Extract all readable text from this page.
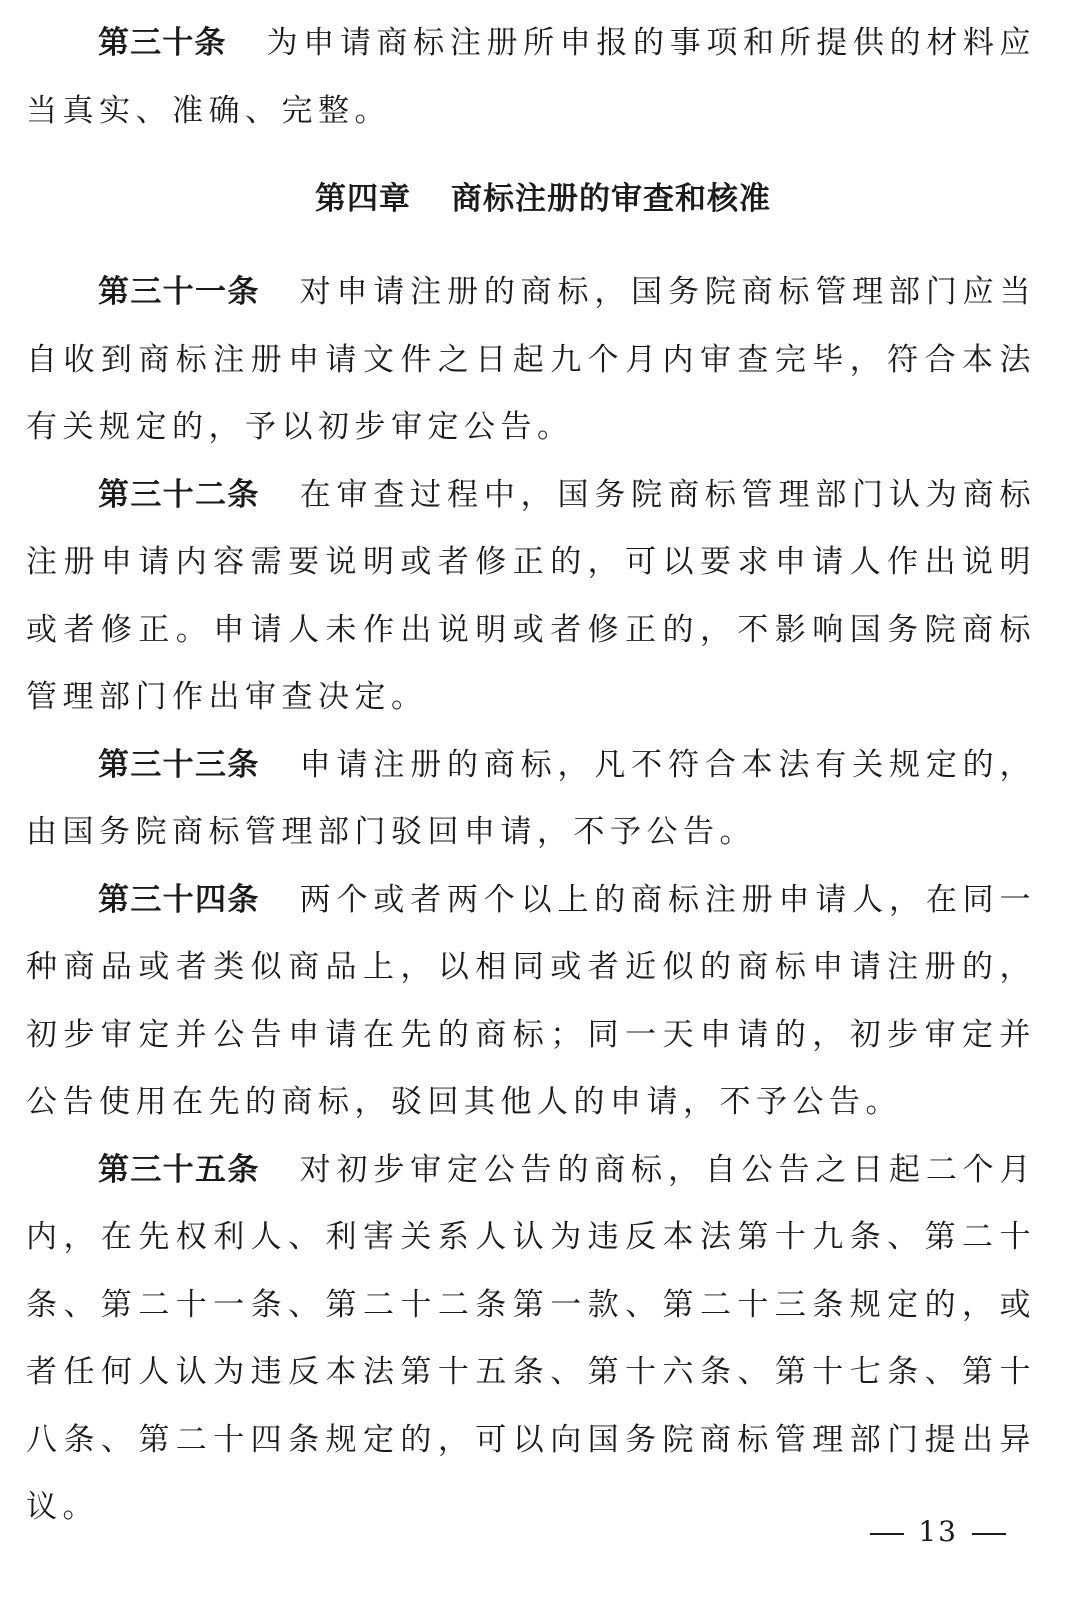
第三十条 为申请商标注册所申报的事项和所提供的材料应当真实、准确、完整。

第四章 商标注册的审查和核准

第三十一条 对申请注册的商标，国务院商标管理部门应当自收到商标注册申请文件之日起九个月内审查完毕，符合本法有关规定的，予以初步审定公告。

第三十二条 在审查过程中，国务院商标管理部门认为商标注册申请内容需要说明或者修正的，可以要求申请人作出说明或者修正。申请人未作出说明或者修正的，不影响国务院商标管理部门作出审查决定。

第三十三条 申请注册的商标，凡不符合本法有关规定的，由国务院商标管理部门驳回申请，不予公告。

第三十四条 两个或者两个以上的商标注册申请人，在同一种商品或者类似商品上，以相同或者近似的商标申请注册的，初步审定并公告申请在先的商标；同一天申请的，初步审定并公告使用在先的商标，驳回其他人的申请，不予公告。

第三十五条 对初步审定公告的商标，自公告之日起二个月内，在先权利人、利害关系人认为违反本法第十九条、第二十条、第二十一条、第二十二条第一款、第二十三条规定的，或者任何人认为违反本法第十五条、第十六条、第十七条、第十八条、第二十四条规定的，可以向国务院商标管理部门提出异议。

13
